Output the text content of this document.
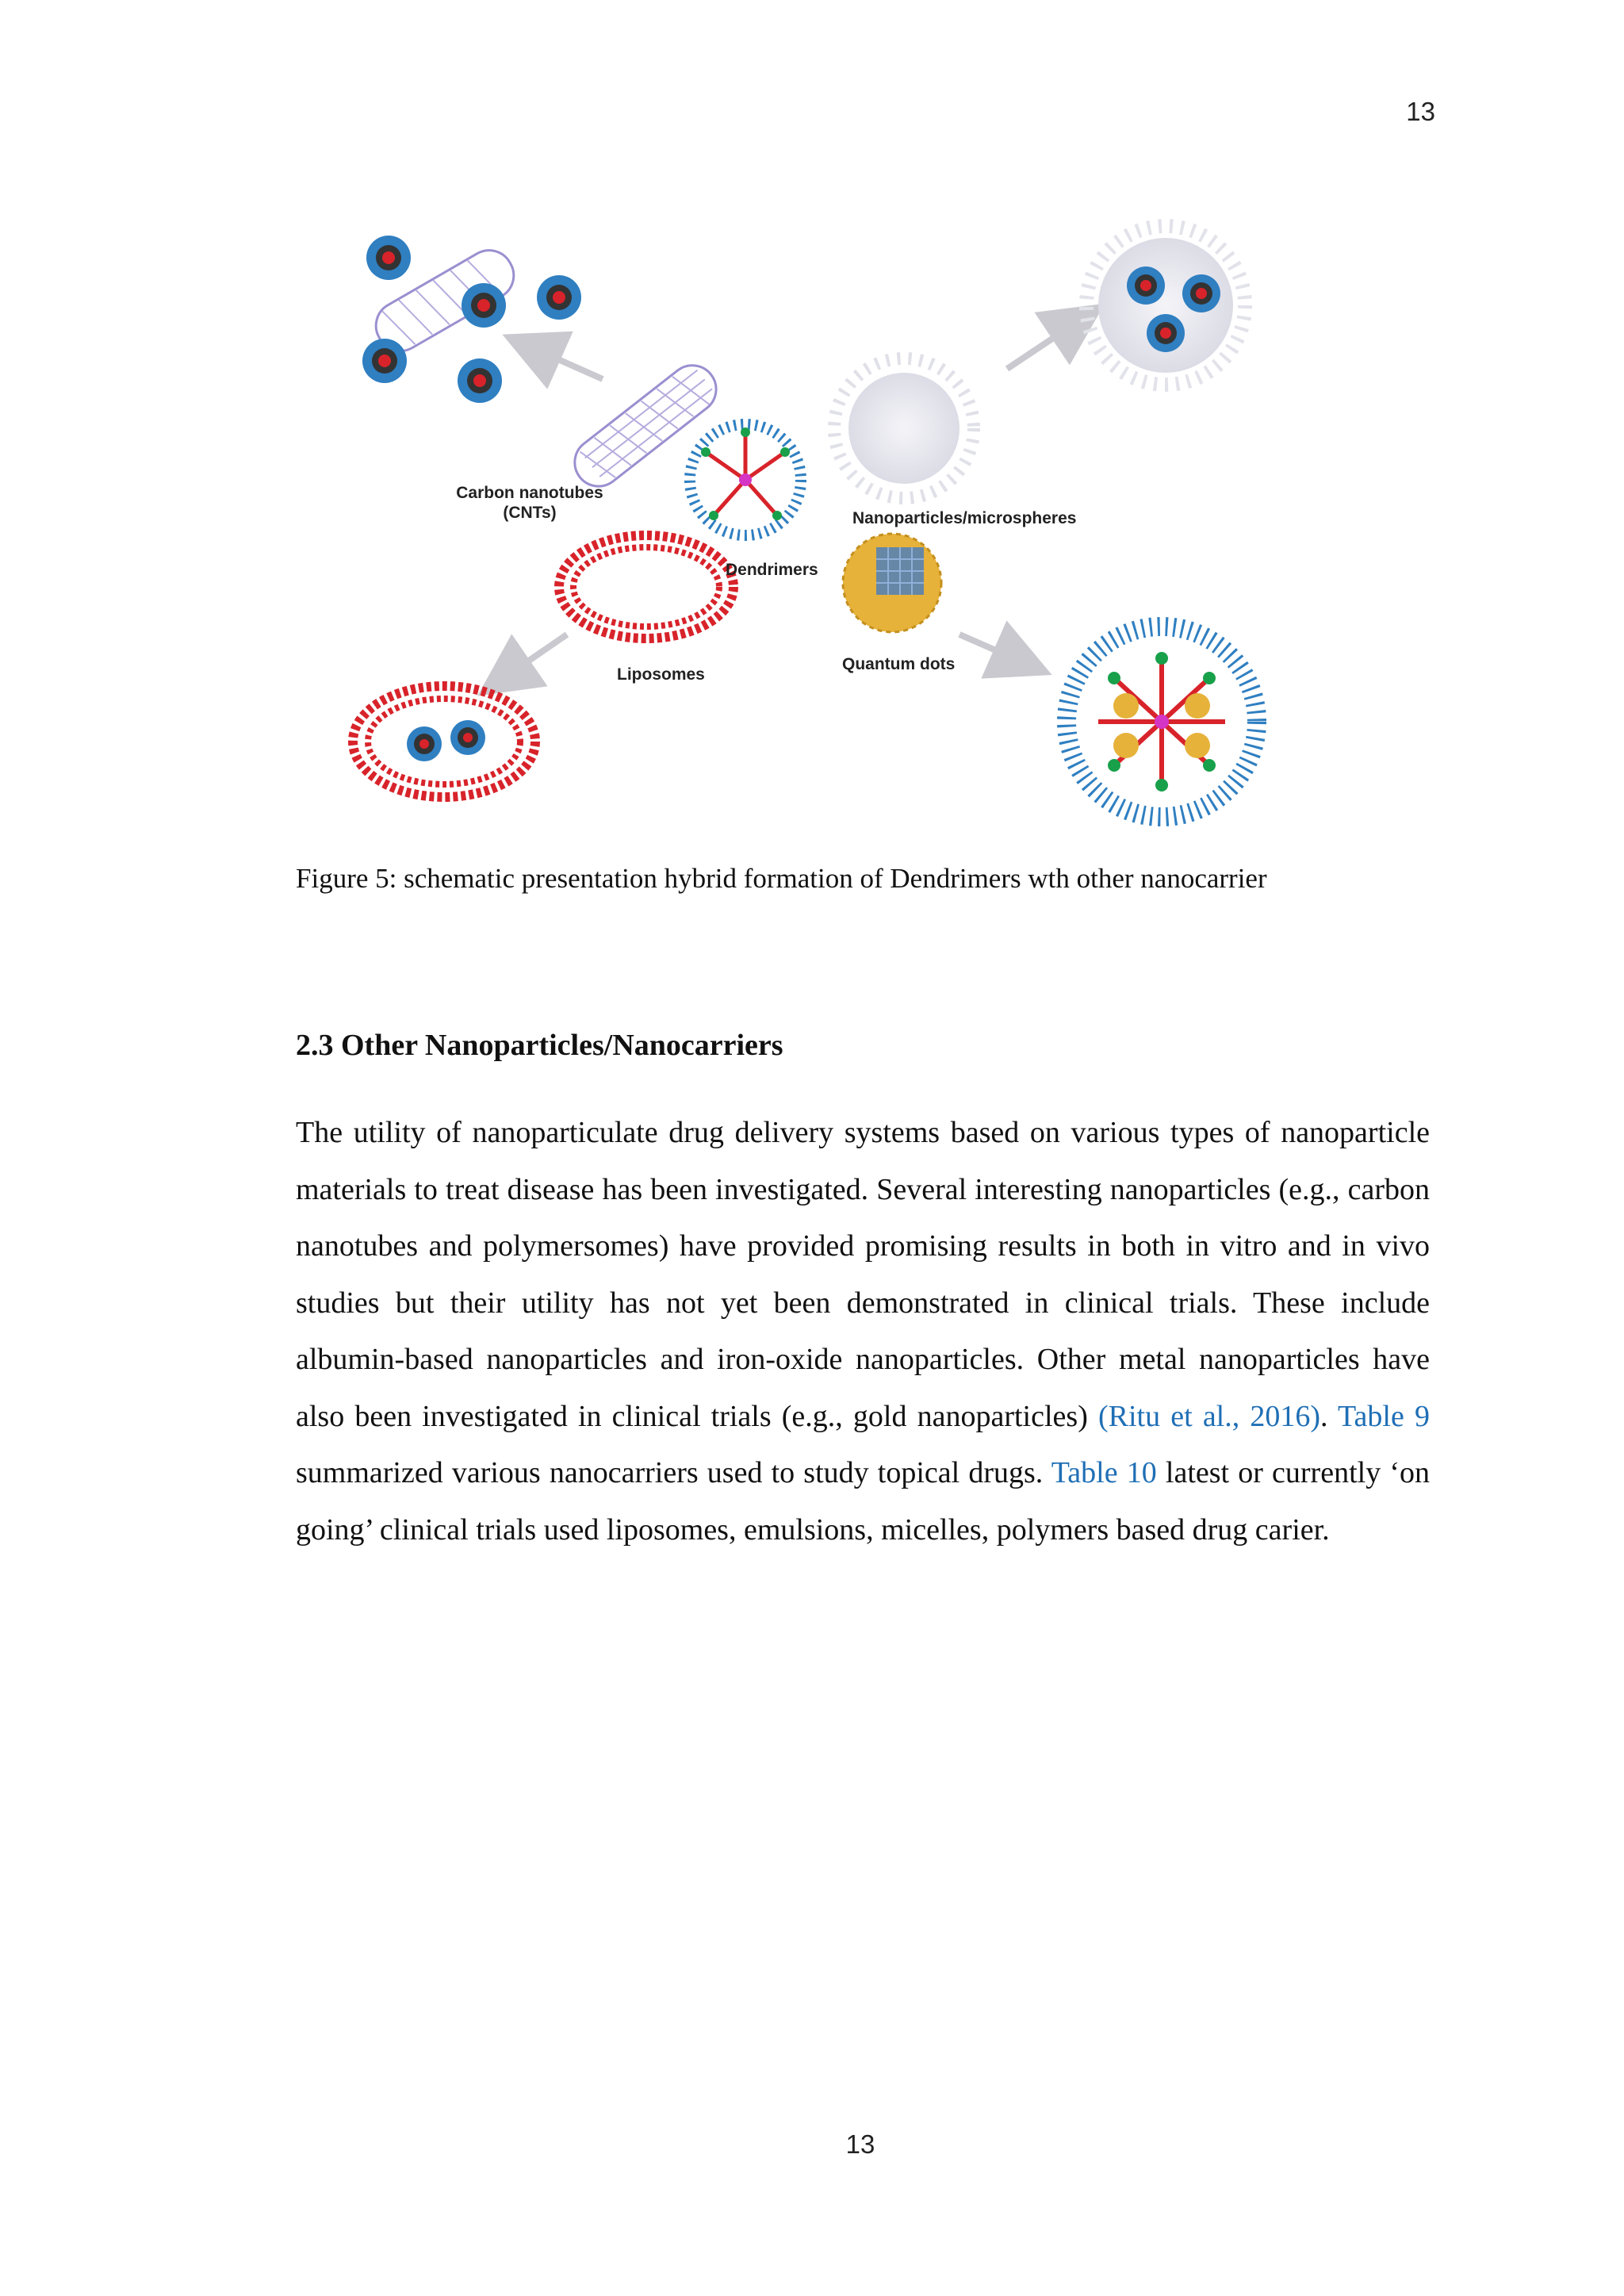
13
Carbon nanotubes
(CNTs)	Nanoparticles/microspheres
Dendrimers
Liposomes
Quantum dots
Figure 5: schematic presentation hybrid formation of Dendrimers wth other nanocarrier
2.3 Other Nanoparticles/Nanocarriers

The utility of nanoparticulate drug delivery systems based on various types of nanoparticle materials to treat disease has been investigated. Several interesting nanoparticles (e.g., carbon nanotubes and polymersomes) have provided promising results in both in vitro and in vivo studies but their utility has not yet been demonstrated in clinical trials. These include albumin-based nanoparticles and iron-oxide nanoparticles. Other metal nanoparticles have also been investigated in clinical trials (e.g., gold nanoparticles) (Ritu et al., 2016). Table 9 summarized various nanocarriers used to study topical drugs. Table 10 latest or currently ‘on going’ clinical trials used liposomes, emulsions, micelles, polymers based drug carier.

13
